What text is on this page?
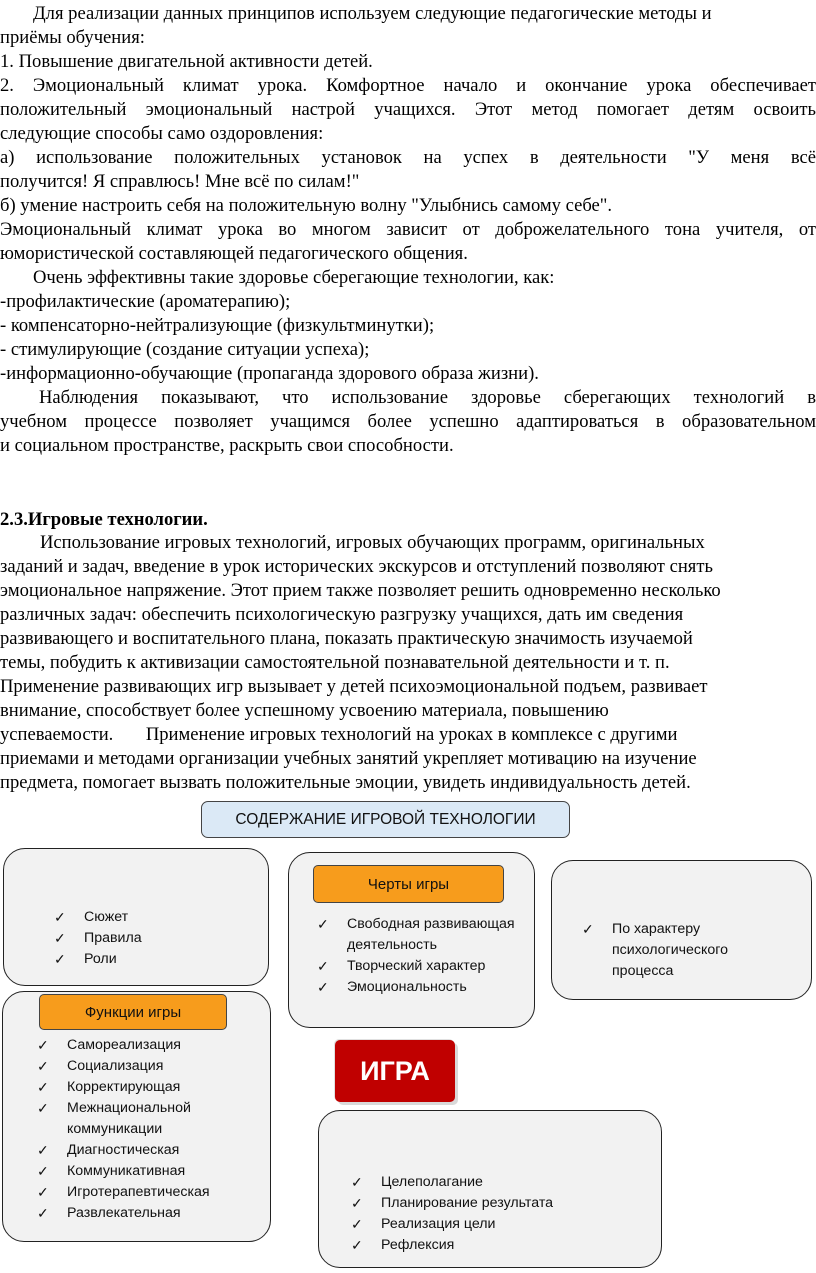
Для реализации данных принципов используем следующие педагогические методы и
приёмы обучения:
1. Повышение двигательной активности детей.
2. Эмоциональный климат урока. Комфортное начало и окончание урока обеспечивает
положительный эмоциональный настрой учащихся. Этот метод помогает детям освоить
следующие способы само оздоровления:
а) использование положительных установок на успех в деятельности "У меня всё
получится! Я справлюсь! Мне всё по силам!"
б) умение настроить себя на положительную волну "Улыбнись самому себе".
Эмоциональный климат урока во многом зависит от доброжелательного тона учителя, от
юмористической составляющей педагогического общения.
Очень эффективны такие здоровье сберегающие технологии, как:
-профилактические (ароматерапию);
- компенсаторно-нейтрализующие (физкультминутки);
- стимулирующие (создание ситуации успеха);
-информационно-обучающие (пропаганда здорового образа жизни).
Наблюдения показывают, что использование здоровье сберегающих технологий в
учебном процессе позволяет учащимся более успешно адаптироваться в образовательном
и социальном пространстве, раскрыть свои способности.
2.3.Игровые технологии.
Использование игровых технологий, игровых обучающих программ, оригинальных
заданий и задач, введение в урок исторических экскурсов и отступлений позволяют снять
эмоциональное напряжение. Этот прием также позволяет решить одновременно несколько
различных задач: обеспечить психологическую разгрузку учащихся, дать им сведения
развивающего и воспитательного плана, показать практическую значимость изучаемой
темы, побудить к активизации самостоятельной познавательной деятельности и т. п.
Применение развивающих игр вызывает у детей психоэмоциональной подъем, развивает
внимание, способствует более успешному усвоению материала, повышению
успеваемости.       Применение игровых технологий на уроках в комплексе с другими
приемами и методами организации учебных занятий укрепляет мотивацию на изучение
предмета, помогает вызвать положительные эмоции, увидеть индивидуальность детей.
СОДЕРЖАНИЕ ИГРОВОЙ ТЕХНОЛОГИИ
✓ Сюжет
✓ Правила
✓ Роли
Черты игры
✓ Свободная развивающая деятельность
✓ Творческий характер
✓ Эмоциональность
✓ По характеру психологического процесса
Функции игры
✓ Самореализация
✓ Социализация
✓ Корректирующая
✓ Межнациональной коммуникации
✓ Диагностическая
✓ Коммуникативная
✓ Игротерапевтическая
✓ Развлекательная
ИГРА
✓ Целеполагание
✓ Планирование результата
✓ Реализация цели
✓ Рефлексия
